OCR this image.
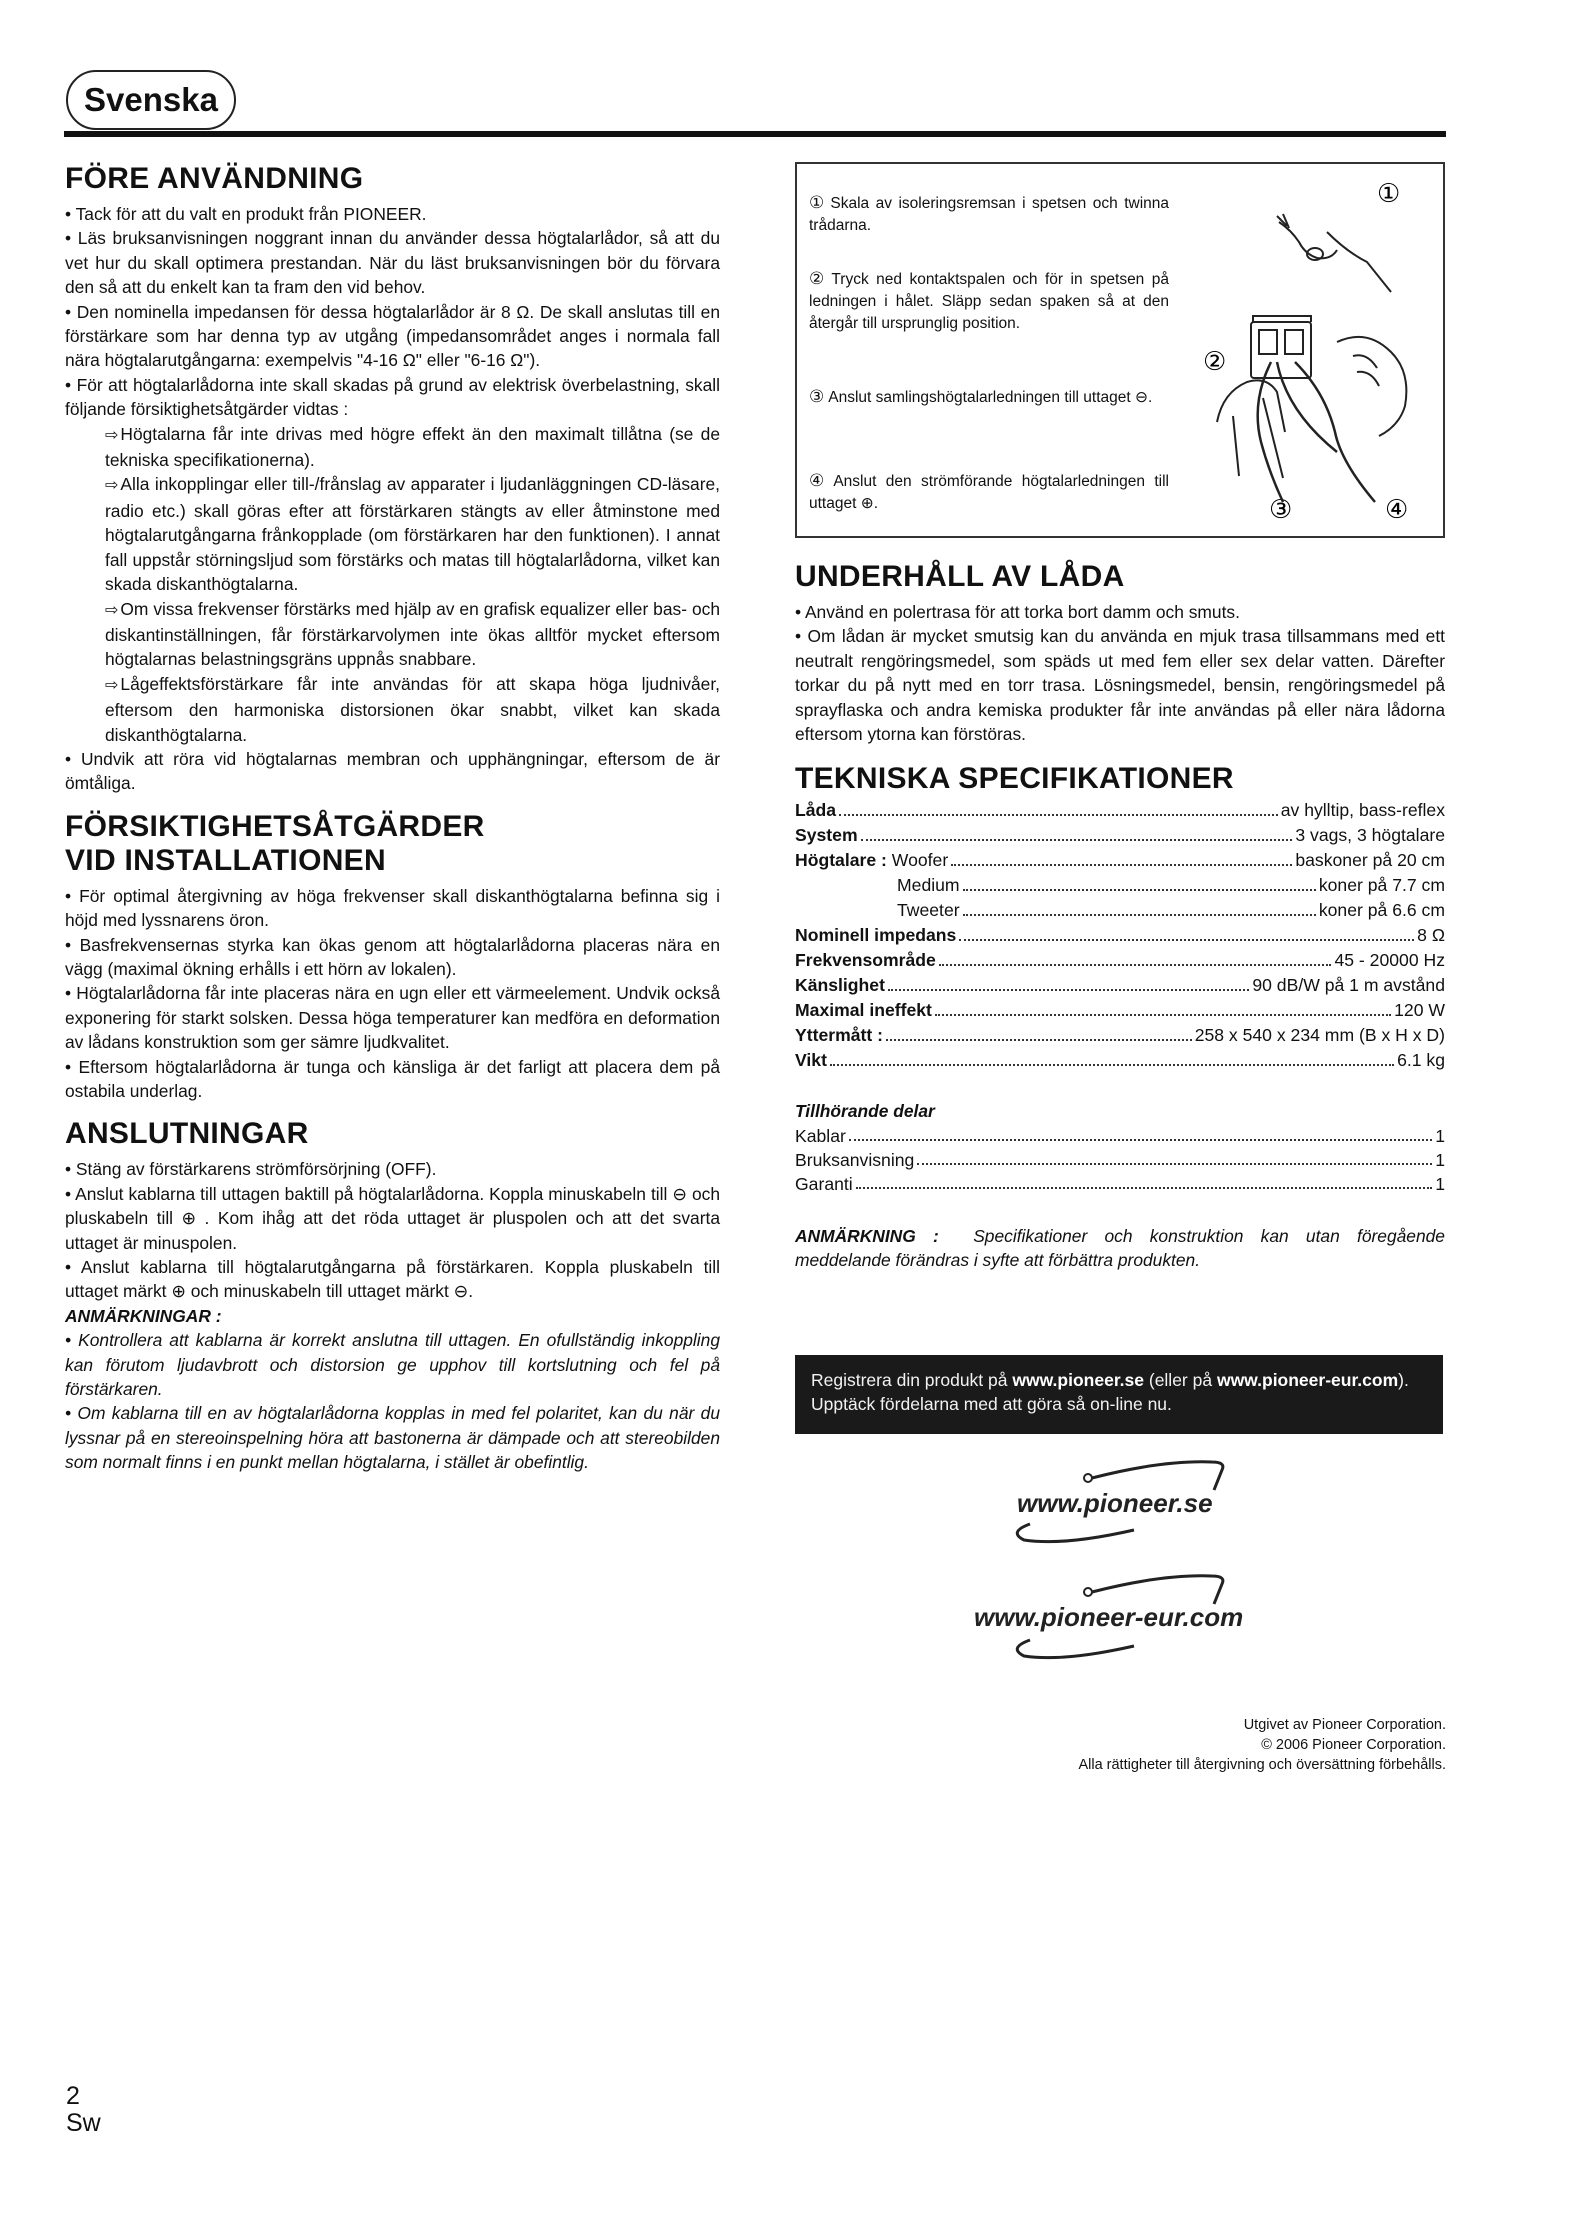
Svenska
FÖRE ANVÄNDNING

• Tack för att du valt en produkt från PIONEER.

• Läs bruksanvisningen noggrant innan du använder dessa högtalarlådor, så att du vet hur du skall optimera prestandan. När du läst bruksanvisningen bör du förvara den så att du enkelt kan ta fram den vid behov.

• Den nominella impedansen för dessa högtalarlådor är 8 Ω. De skall anslutas till en förstärkare som har denna typ av utgång (impedansområdet anges i normala fall nära högtalarutgångarna: exempelvis "4-16 Ω" eller "6-16 Ω").

• För att högtalarlådorna inte skall skadas på grund av elektrisk överbelastning, skall följande försiktighetsåtgärder vidtas :

⇨ Högtalarna får inte drivas med högre effekt än den maximalt tillåtna (se de tekniska specifikationerna).

⇨ Alla inkopplingar eller till-/frånslag av apparater i ljudanläggningen CD-läsare, radio etc.) skall göras efter att förstärkaren stängts av eller åtminstone med högtalarutgångarna frånkopplade (om förstärkaren har den funktionen). I annat fall uppstår störningsljud som förstärks och matas till högtalarlådorna, vilket kan skada diskanthögtalarna.

⇨ Om vissa frekvenser förstärks med hjälp av en grafisk equalizer eller bas- och diskantinställningen, får förstärkarvolymen inte ökas alltför mycket eftersom högtalarnas belastningsgräns uppnås snabbare.

⇨ Lågeffektsförstärkare får inte användas för att skapa höga ljudnivåer, eftersom den harmoniska distorsionen ökar snabbt, vilket kan skada diskanthögtalarna.

• Undvik att röra vid högtalarnas membran och upphängningar, eftersom de är ömtåliga.

FÖRSIKTIGHETSÅTGÄRDER
VID INSTALLATIONEN

• För optimal återgivning av höga frekvenser skall diskanthögtalarna befinna sig i höjd med lyssnarens öron.

• Basfrekvensernas styrka kan ökas genom att högtalarlådorna placeras nära en vägg (maximal ökning erhålls i ett hörn av lokalen).

• Högtalarlådorna får inte placeras nära en ugn eller ett värmeelement. Undvik också exponering för starkt solsken. Dessa höga temperaturer kan medföra en deformation av lådans konstruktion som ger sämre ljudkvalitet.

• Eftersom högtalarlådorna är tunga och känsliga är det farligt att placera dem på ostabila underlag.

ANSLUTNINGAR

• Stäng av förstärkarens strömförsörjning (OFF).

• Anslut kablarna till uttagen baktill på högtalarlådorna. Koppla minuskabeln till ⊖ och pluskabeln till ⊕ . Kom ihåg att det röda uttaget är pluspolen och att det svarta uttaget är minuspolen.

• Anslut kablarna till högtalarutgångarna på förstärkaren. Koppla pluskabeln till uttaget märkt ⊕ och minuskabeln till uttaget märkt ⊖.

ANMÄRKNINGAR :

• Kontrollera att kablarna är korrekt anslutna till uttagen. En ofullständig inkoppling kan förutom ljudavbrott och distorsion ge upphov till kortslutning och fel på förstärkaren.

• Om kablarna till en av högtalarlådorna kopplas in med fel polaritet, kan du när du lyssnar på en stereoinspelning höra att bastonerna är dämpade och att stereobilden som normalt finns i en punkt mellan högtalarna, i stället är obefintlig.

① Skala av isoleringsremsan i spetsen och twinna trådarna.
② Tryck ned kontaktspalen och för in spetsen på ledningen i hålet. Släpp sedan spaken så at den återgår till ursprunglig position.
③ Anslut samlingshögtalarledningen till uttaget ⊖.
④ Anslut den strömförande högtalarledningen till uttaget ⊕.
①
②
③	④
UNDERHÅLL AV LÅDA

• Använd en polertrasa för att torka bort damm och smuts.

• Om lådan är mycket smutsig kan du använda en mjuk trasa tillsammans med ett neutralt rengöringsmedel, som späds ut med fem eller sex delar vatten. Därefter torkar du på nytt med en torr trasa. Lösningsmedel, bensin, rengöringsmedel på sprayflaska och andra kemiska produkter får inte användas på eller nära lådorna eftersom ytorna kan förstöras.

TEKNISKA SPECIFIKATIONER
Låda	av hylltip, bass-reflex
System	3 vags, 3 högtalare
Högtalare :
Woofer	baskoner på 20 cm
Medium	koner på 7.7 cm
Tweeter	koner på 6.6 cm
Nominell impedans	8 Ω
Frekvensområde	45 - 20000 Hz
Känslighet	90 dB/W på 1 m avstånd
Maximal ineffekt	120 W
Yttermått :	258 x 540 x 234 mm (B x H x D)
Vikt	6.1 kg

Tillhörande delar

Kablar	1
Bruksanvisning	1
Garanti	1

ANMÄRKNING : Specifikationer och konstruktion kan utan föregående meddelande förändras i syfte att förbättra produkten.

Registrera din produkt på www.pioneer.se (eller på www.pioneer-eur.com).
Upptäck fördelarna med att göra så on-line nu.
www.pioneer.se
www.pioneer-eur.com
Utgivet av Pioneer Corporation.
© 2006 Pioneer Corporation.
Alla rättigheter till återgivning och översättning förbehålls.
2
Sw
